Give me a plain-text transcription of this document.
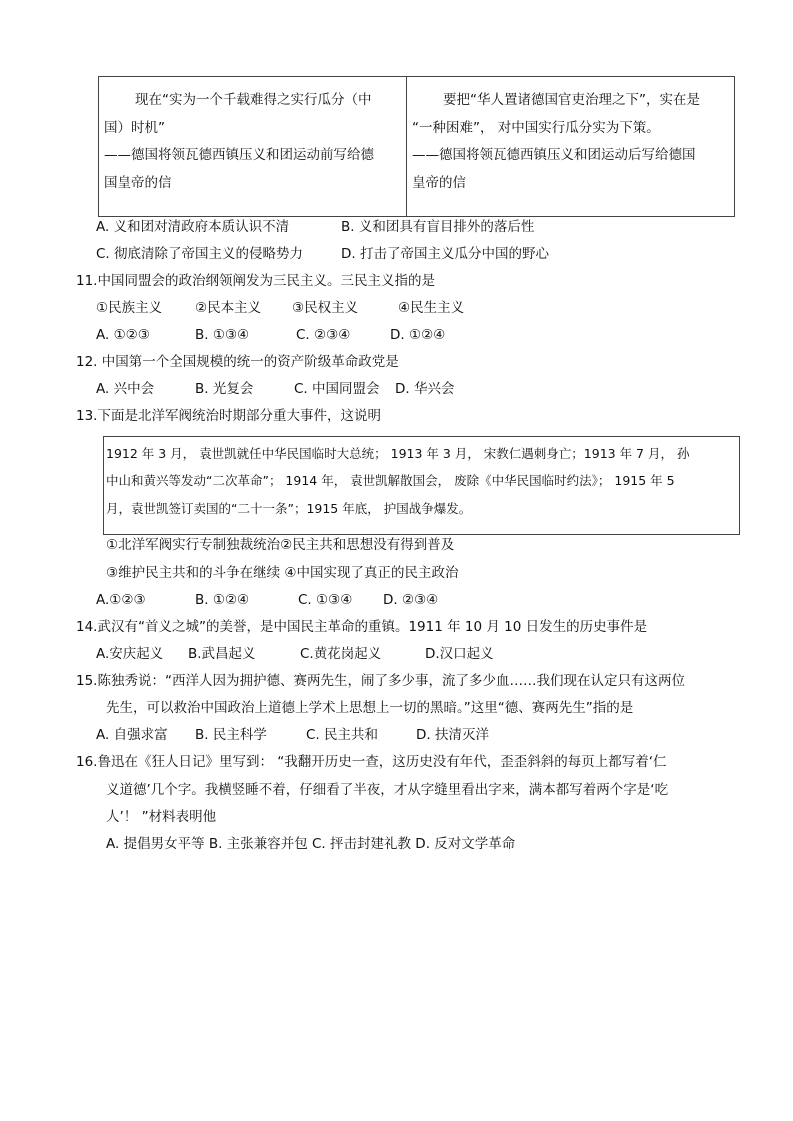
现在“实为一个千载难得之实行瓜分（中
国）时机”
——德国将领瓦德西镇压义和团运动前写给德
国皇帝的信
要把“华人置诸德国官吏治理之下”，实在是
“一种困难”， 对中国实行瓜分实为下策。
——德国将领瓦德西镇压义和团运动后写给德国
皇帝的信
A. 义和团对清政府本质认识不清	B. 义和团具有盲目排外的落后性
C. 彻底清除了帝国主义的侵略势力	D. 打击了帝国主义瓜分中国的野心
11.中国同盟会的政治纲领阐发为三民主义。三民主义指的是
①民族主义 ②民本主义 ③民权主义	④民生主义
A. ①②③	B. ①③④	C. ②③④	D. ①②④
12. 中国第一个全国规模的统一的资产阶级革命政党是
A. 兴中会	B. 光复会	C. 中国同盟会 D. 华兴会
13.下面是北洋军阀统治时期部分重大事件，这说明
1912 年 3 月， 袁世凯就任中华民国临时大总统； 1913 年 3 月， 宋教仁遇刺身亡；1913 年 7 月， 孙
中山和黄兴等发动“二次革命”； 1914 年， 袁世凯解散国会， 废除《中华民国临时约法》； 1915 年 5
月，袁世凯签订卖国的“二十一条”；1915 年底， 护国战争爆发。
①北洋军阀实行专制独裁统治②民主共和思想没有得到普及
③维护民主共和的斗争在继续 ④中国实现了真正的民主政治
A.①②③	B. ①②④	C. ①③④ D. ②③④
14.武汉有“首义之城”的美誉，是中国民主革命的重镇。1911 年 10 月 10 日发生的历史事件是
A.安庆起义 B.武昌起义	C.黄花岗起义	D.汉口起义
15.陈独秀说：“西洋人因为拥护德、赛两先生，闹了多少事，流了多少血……我们现在认定只有这两位
先生，可以救治中国政治上道德上学术上思想上一切的黑暗。”这里“德、赛两先生”指的是
A. 自强求富 B. 民主科学	C. 民主共和	D. 扶清灭洋
16.鲁迅在《狂人日记》里写到： “我翻开历史一查，这历史没有年代，歪歪斜斜的每页上都写着‘仁
义道德’几个字。我横竖睡不着，仔细看了半夜，才从字缝里看出字来，满本都写着两个字是‘吃
人’！ ”材料表明他
A. 提倡男女平等 B. 主张兼容并包 C. 抨击封建礼教 D. 反对文学革命
